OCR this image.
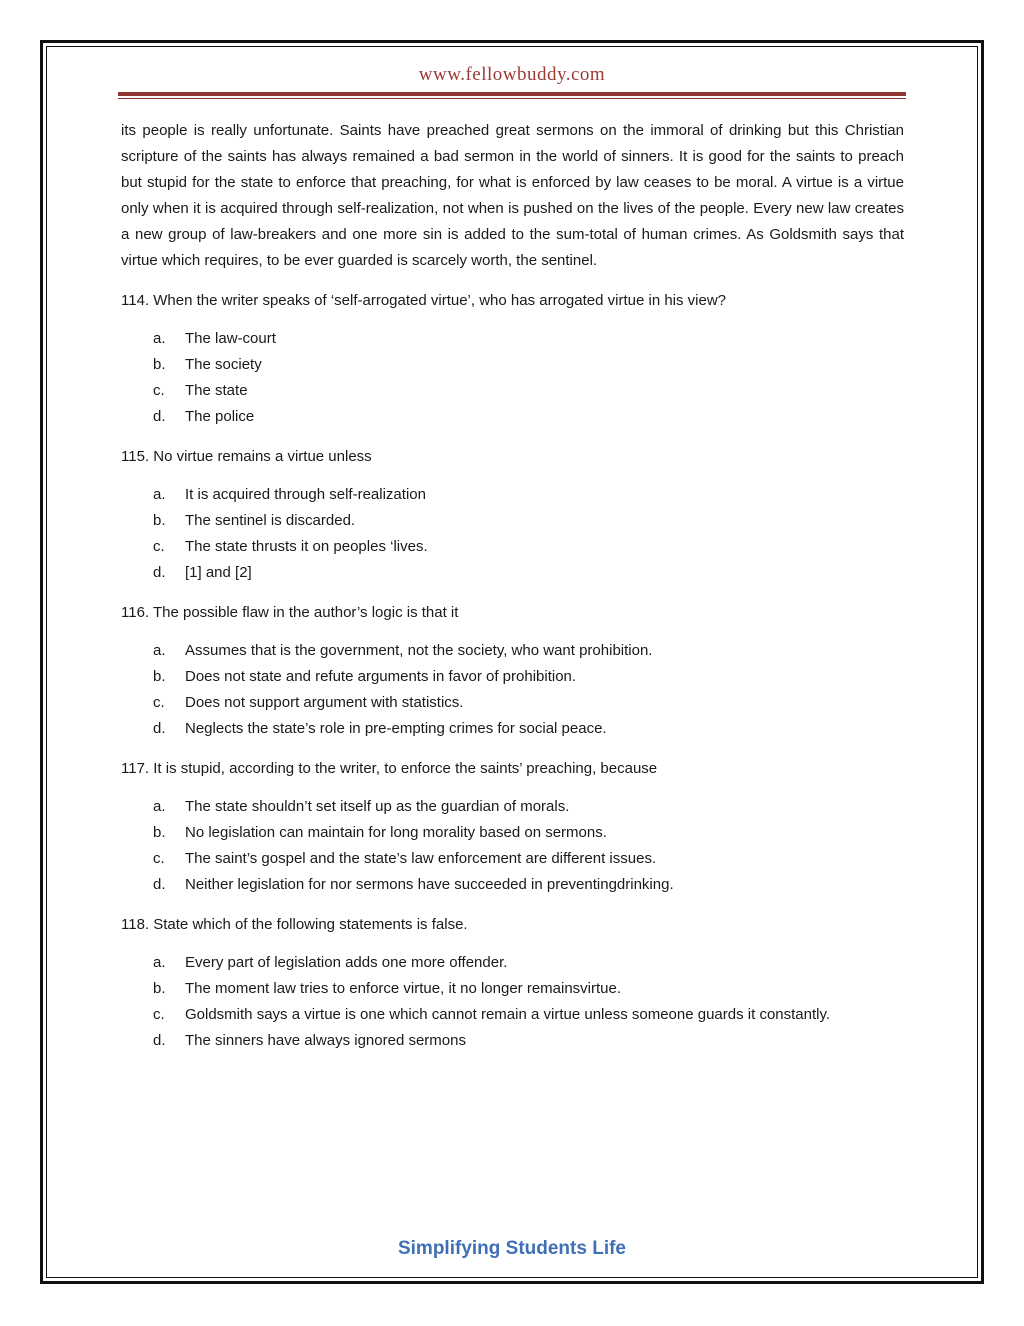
www.fellowbuddy.com

its people is really unfortunate. Saints have preached great sermons on the immoral of drinking but this Christian scripture of the saints has always remained a bad sermon in the world of sinners. It is good for the saints to preach but stupid for the state to enforce that preaching, for what is enforced by law ceases to be moral. A virtue is a virtue only when it is acquired through self-realization, not when is pushed on the lives of the people. Every new law creates a new group of law-breakers and one more sin is added to the sum-total of human crimes. As Goldsmith says that virtue which requires, to be ever guarded is scarcely worth, the sentinel.

114. When the writer speaks of ‘self-arrogated virtue’, who has arrogated virtue in his view?

a.	The law-court
b.	The society
c.	The state
d.	The police

115. No virtue remains a virtue unless

a.	It is acquired through self-realization
b.	The sentinel is discarded.
c.	The state thrusts it on peoples ‘lives.
d.	[1] and [2]

116. The possible flaw in the author’s logic is that it

a.	Assumes that is the government, not the society, who want prohibition.
b.	Does not state and refute arguments in favor of prohibition.
c.	Does not support argument with statistics.
d.	Neglects the state’s role in pre-empting crimes for social peace.

117. It is stupid, according to the writer, to enforce the saints’ preaching, because

a.	The state shouldn’t set itself up as the guardian of morals.
b.	No legislation can maintain for long morality based on sermons.
c.	The saint’s gospel and the state’s law enforcement are different issues.
d.	Neither legislation for nor sermons have succeeded in preventingdrinking.

118. State which of the following statements is false.

a.	Every part of legislation adds one more offender.
b.	The moment law tries to enforce virtue, it no longer remainsvirtue.
c.	Goldsmith says a virtue is one which cannot remain a virtue unless someone guards it constantly.
d.	The sinners have always ignored sermons
Simplifying Students Life
